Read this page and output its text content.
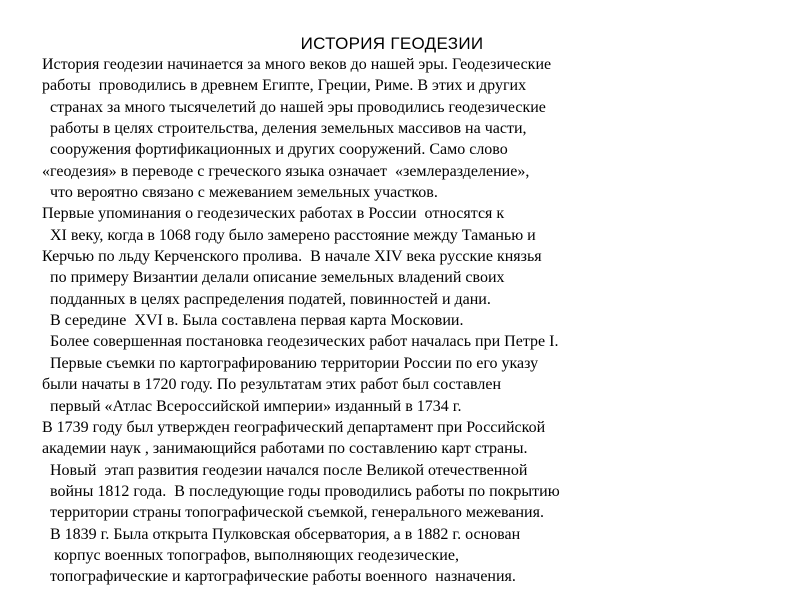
ИСТОРИЯ ГЕОДЕЗИИ
История геодезии начинается за много веков до нашей эры. Геодезические
работы  проводились в древнем Египте, Греции, Риме. В этих и других
странах за много тысячелетий до нашей эры проводились геодезические
работы в целях строительства, деления земельных массивов на части,
сооружения фортификационных и других сооружений. Само слово
«геодезия» в переводе с греческого языка означает  «землеразделение»,
что вероятно связано с межеванием земельных участков.
Первые упоминания о геодезических работах в России  относятся к
XI веку, когда в 1068 году было замерено расстояние между Таманью и
Керчью по льду Керченского пролива.  В начале XIV века русские князья
по примеру Византии делали описание земельных владений своих
подданных в целях распределения податей, повинностей и дани.
В середине  XVI в. Была составлена первая карта Московии.
Более совершенная постановка геодезических работ началась при Петре I.
Первые съемки по картографированию территории России по его указу
были начаты в 1720 году. По результатам этих работ был составлен
первый «Атлас Всероссийской империи» изданный в 1734 г.
В 1739 году был утвержден географический департамент при Российской
академии наук , занимающийся работами по составлению карт страны.
Новый  этап развития геодезии начался после Великой отечественной
войны 1812 года.  В последующие годы проводились работы по покрытию
территории страны топографической съемкой, генерального межевания.
В 1839 г. Была открыта Пулковская обсерватория, а в 1882 г. основан
корпус военных топографов, выполняющих геодезические,
топографические и картографические работы военного  назначения.
